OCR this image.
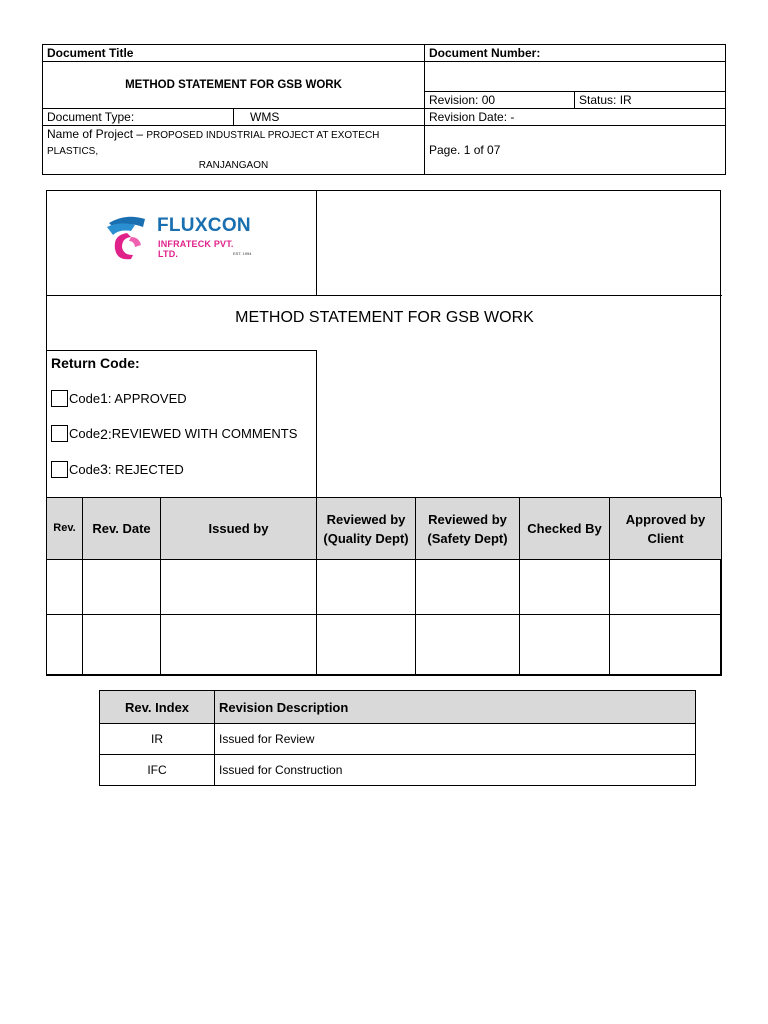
Document Title		Document Number:	
METHOD STATEMENT FOR GSB WORK			
		Revision: 00	Status: IR
Document Type:	WMS	Revision Date: -	
Name of Project – PROPOSED INDUSTRIAL PROJECT AT EXOTECH PLASTICS,

RANJANGAON		Page. 1 of 07	
FLUXCON
INFRATECK PVT. LTD.	EST. 1994
METHOD STATEMENT FOR GSB WORK
Return Code:
Code 1 : APPROVED
Code 2: REVIEWED WITH COMMENTS
Code 3 : REJECTED
Rev.	Rev. Date	Issued by	Reviewed by (Quality Dept)	Reviewed by (Safety Dept)	Checked By	Approved by Client

Rev. Index	Revision Description
IR	Issued for Review
IFC	Issued for Construction
